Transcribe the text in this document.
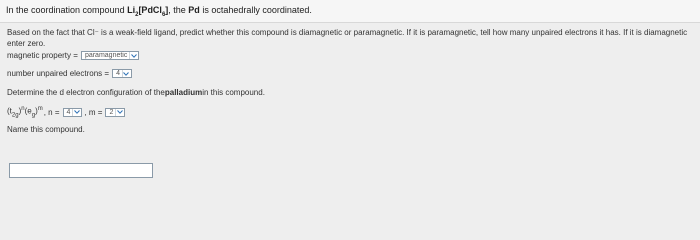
In the coordination compound $Li_2[PdCl_6]$, the Pd is octahedrally coordinated.
Based on the fact that Cl⁻ is a weak-field ligand, predict whether this compound is diamagnetic or paramagnetic. If it is paramagnetic, tell how many unpaired electrons it has. If it is diamagnetic enter zero.
magnetic property = paramagnetic
number unpaired electrons = 4
Determine the d electron configuration of the palladium in this compound.
$(t_{2g})^n(e_g)^m$ , n = 4 , m = 2
Name this compound.
